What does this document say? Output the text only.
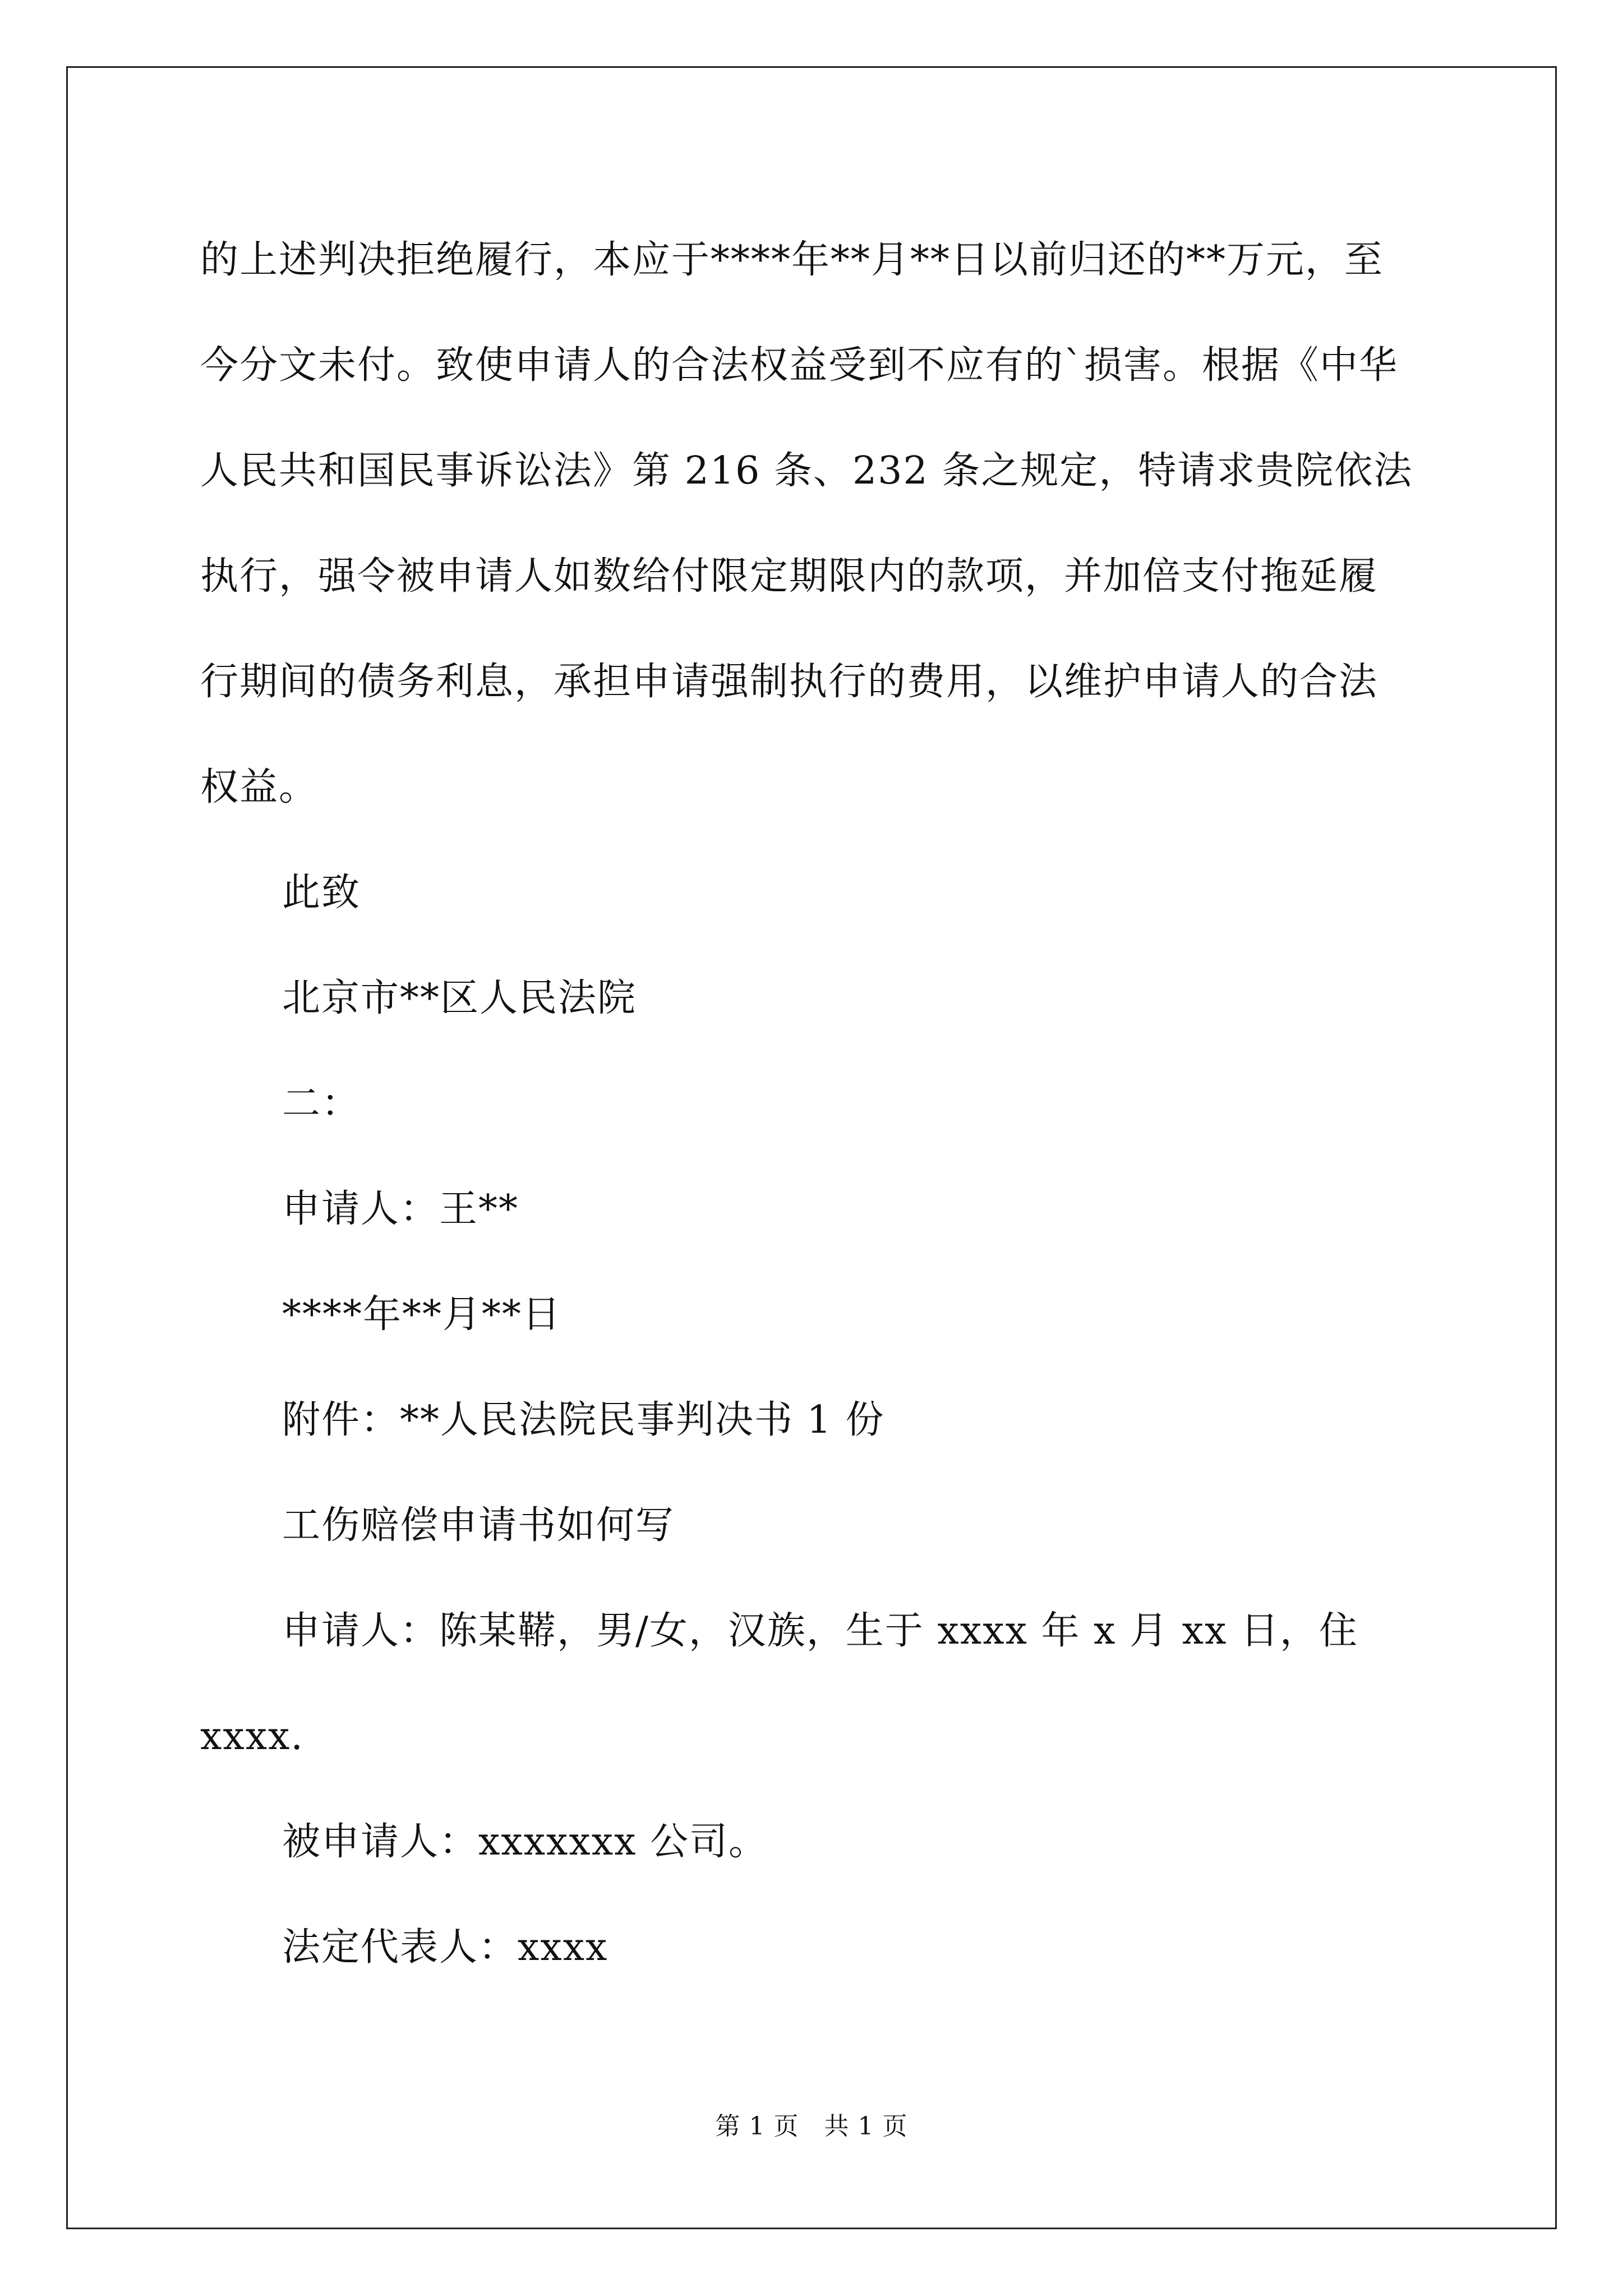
的上述判决拒绝履行，本应于****年**月**日以前归还的**万元，至

今分文未付。致使申请人的合法权益受到不应有的`损害。根据《中华

人民共和国民事诉讼法》第 216 条、232 条之规定，特请求贵院依法

执行，强令被申请人如数给付限定期限内的款项，并加倍支付拖延履

行期间的债务利息，承担申请强制执行的费用，以维护申请人的合法

权益。

此致

北京市**区人民法院

二：

申请人：王**

****年**月**日

附件：**人民法院民事判决书 1 份

工伤赔偿申请书如何写

申请人：陈某鞯，男/女，汉族，生于 xxxx 年 x 月 xx 日，住

xxxx.

被申请人：xxxxxxx 公司。

法定代表人：xxxx

第 1 页　共 1 页
